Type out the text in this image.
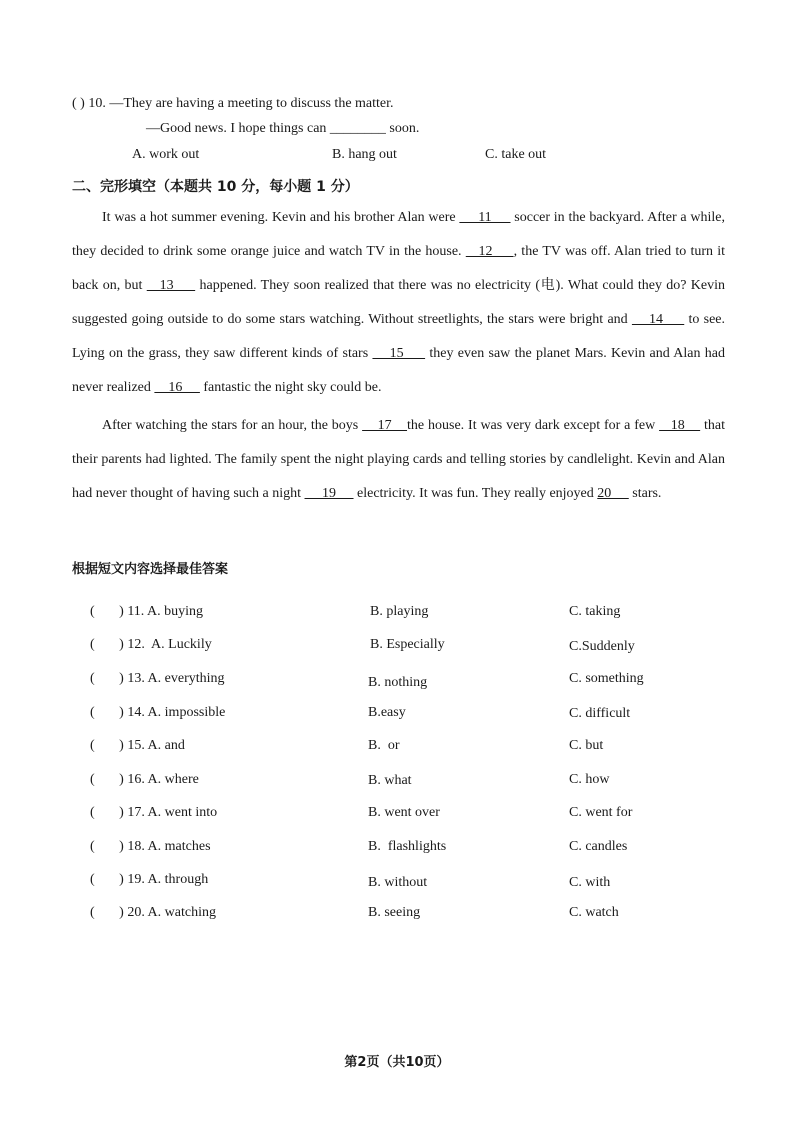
( ) 10. —They are having a meeting to discuss the matter.
—Good news. I hope things can ________ soon.
A. work out	B. hang out	C. take out
二、完形填空（本题共 10 分，每小题 1 分）
It was a hot summer evening. Kevin and his brother Alan were      11      soccer in the backyard. After a while, they decided to drink some orange juice and watch TV in the house.    12     , the TV was off. Alan tried to turn it back on, but    13      happened. They soon realized that there was no electricity (电). What could they do? Kevin suggested going outside to do some stars watching. Without streetlights, the stars were bright and     14      to see. Lying on the grass, they saw different kinds of stars     15      they even saw the planet Mars. Kevin and Alan had never realized     16      fantastic the night sky could be.
After watching the stars for an hour, the boys     17    the house. It was very dark except for a few    18     that their parents had lighted. The family spent the night playing cards and telling stories by candlelight. Kevin and Alan had never thought of having such a night      19      electricity. It was fun. They really enjoyed 20      stars.
根据短文内容选择最佳答案
(       ) 11. A. buying	B. playing	C. taking
(       ) 12.  A. Luckily	B. Especially	C.Suddenly
(       ) 13. A. everything	B. nothing	C. something
(       ) 14. A. impossible	B.easy	C. difficult
(       ) 15. A. and	B.  or	C. but
(       ) 16. A. where	B. what	C. how
(       ) 17. A. went into	B. went over	C. went for
(       ) 18. A. matches	B.  flashlights	C. candles
(       ) 19. A. through	B. without	C. with
(       ) 20. A. watching	B. seeing	C. watch
第2页（共10页）
